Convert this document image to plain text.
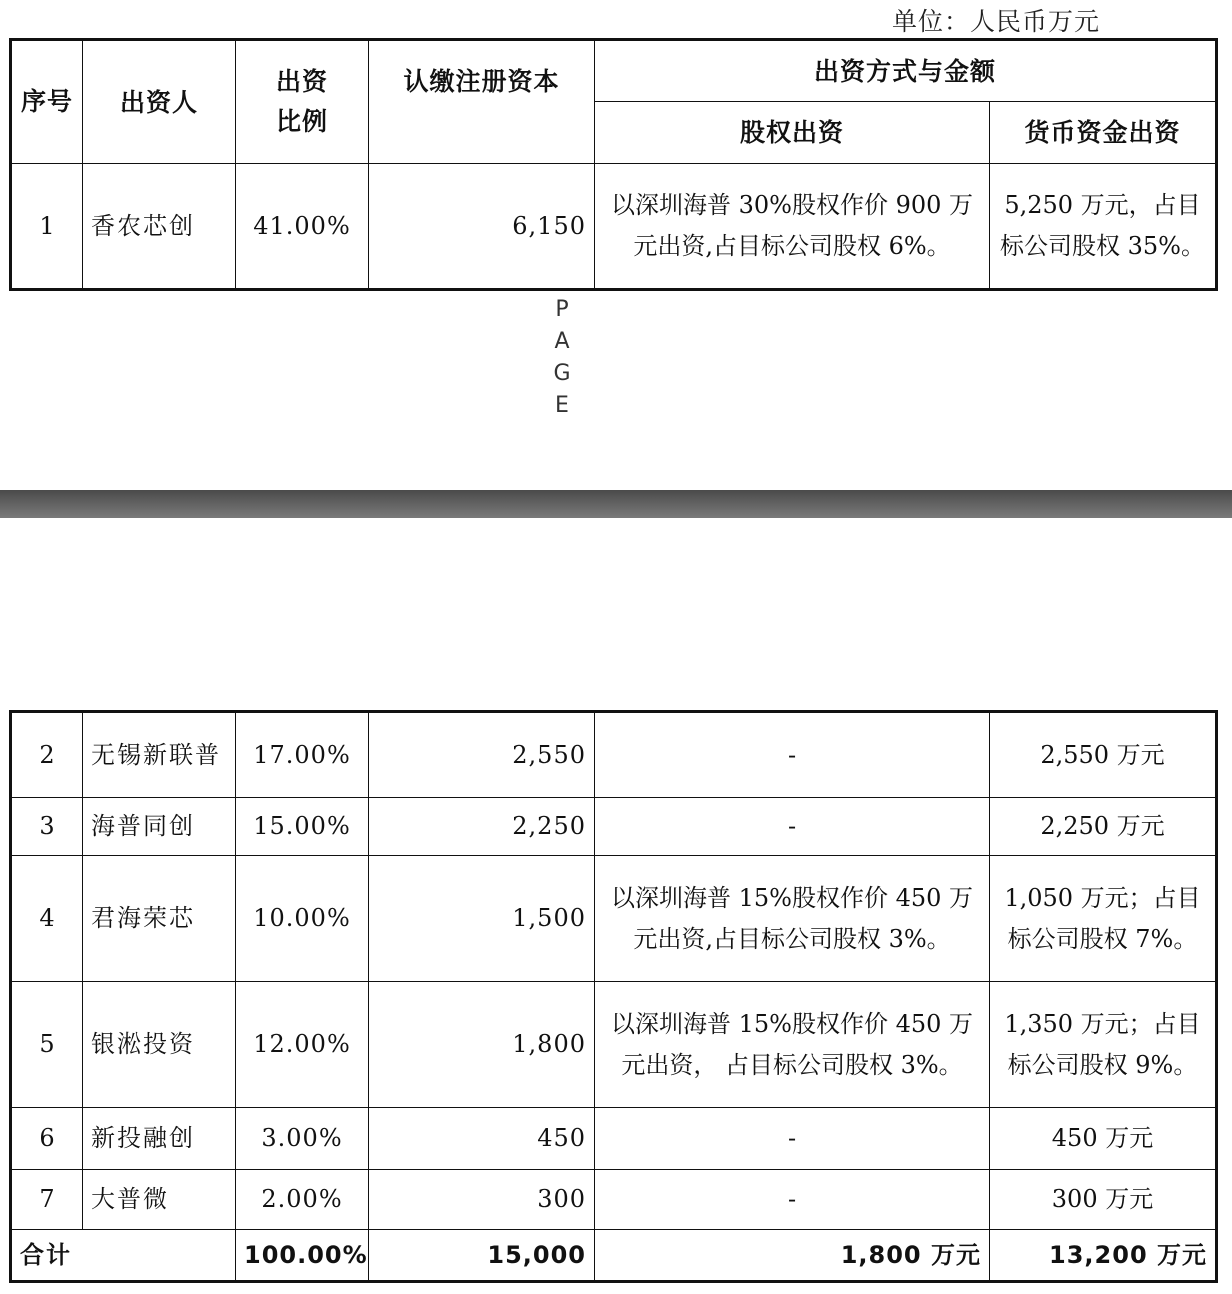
单位：人民币万元
序号	出资人	出资比例	认缴注册资本	出资方式与金额	
				股权出资	货币资金出资
1	香农芯创	41.00%	6,150	以深圳海普 30%股权作价 900 万元出资,占目标公司股权 6%。	5,250 万元，占目标公司股权 35%。
P
A
G
E
2	无锡新联普	17.00%	2,550	-	2,550 万元
3	海普同创	15.00%	2,250	-	2,250 万元
4	君海荣芯	10.00%	1,500	以深圳海普 15%股权作价 450 万元出资,占目标公司股权 3%。	1,050 万元；占目标公司股权 7%。
5	银淞投资	12.00%	1,800	以深圳海普 15%股权作价 450 万元出资， 占目标公司股权 3%。	1,350 万元；占目标公司股权 9%。
6	新投融创	3.00%	450	-	450 万元
7	大普微	2.00%	300	-	300 万元
合计		100.00%	15,000	1,800 万元	13,200 万元
